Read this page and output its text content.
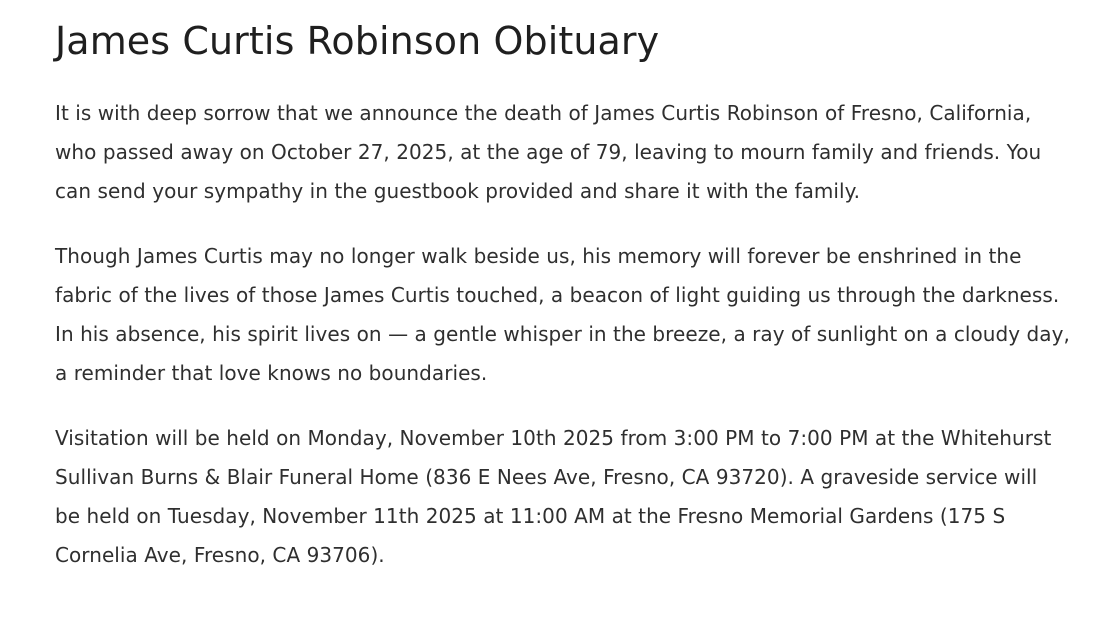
James Curtis Robinson Obituary

It is with deep sorrow that we announce the death of James Curtis Robinson of Fresno, California, who passed away on October 27, 2025, at the age of 79, leaving to mourn family and friends. You can send your sympathy in the guestbook provided and share it with the family.

Though James Curtis may no longer walk beside us, his memory will forever be enshrined in the fabric of the lives of those James Curtis touched, a beacon of light guiding us through the darkness. In his absence, his spirit lives on — a gentle whisper in the breeze, a ray of sunlight on a cloudy day, a reminder that love knows no boundaries.

Visitation will be held on Monday, November 10th 2025 from 3:00 PM to 7:00 PM at the Whitehurst Sullivan Burns & Blair Funeral Home (836 E Nees Ave, Fresno, CA 93720). A graveside service will be held on Tuesday, November 11th 2025 at 11:00 AM at the Fresno Memorial Gardens (175 S Cornelia Ave, Fresno, CA 93706).
